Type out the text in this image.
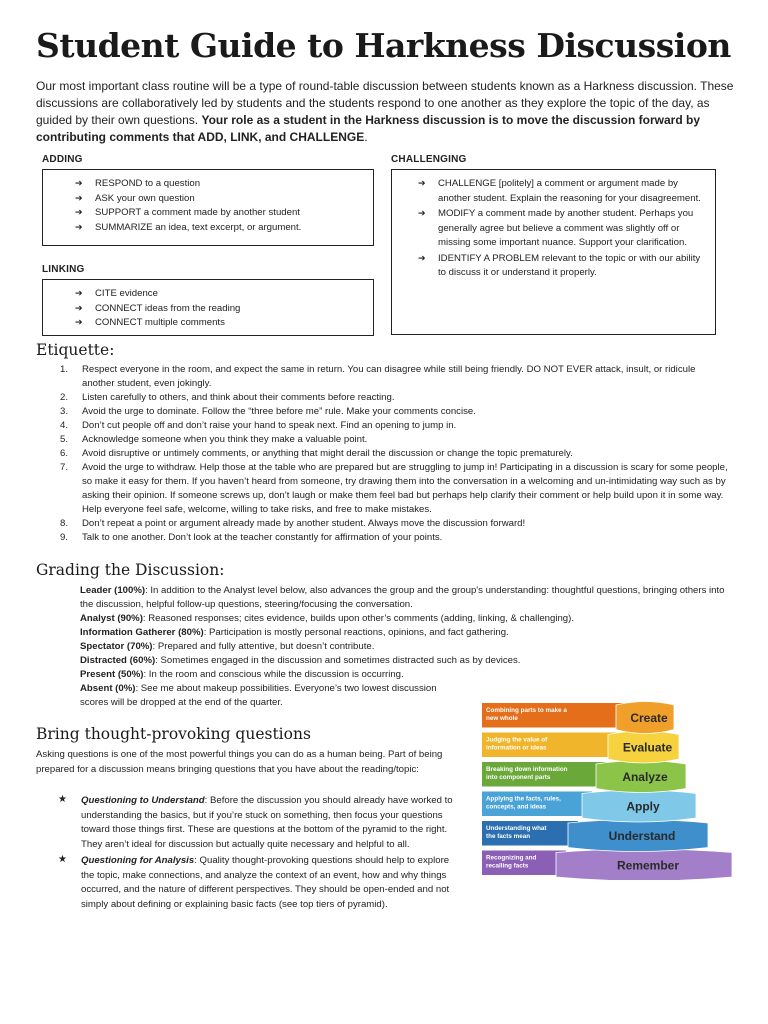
Student Guide to Harkness Discussion
Our most important class routine will be a type of round-table discussion between students known as a Harkness discussion. These discussions are collaboratively led by students and the students respond to one another as they explore the topic of the day, as guided by their own questions. Your role as a student in the Harkness discussion is to move the discussion forward by contributing comments that ADD, LINK, and CHALLENGE.
ADDING
➔ RESPOND to a question
➔ ASK your own question
➔ SUPPORT a comment made by another student
➔ SUMMARIZE an idea, text excerpt, or argument.
LINKING
➔ CITE evidence
➔ CONNECT ideas from the reading
➔ CONNECT multiple comments
CHALLENGING
➔ CHALLENGE [politely] a comment or argument made by another student. Explain the reasoning for your disagreement.
➔ MODIFY a comment made by another student. Perhaps you generally agree but believe a comment was slightly off or missing some important nuance. Support your clarification.
➔ IDENTIFY A PROBLEM relevant to the topic or with our ability to discuss it or understand it properly.
Etiquette:
1. Respect everyone in the room, and expect the same in return. You can disagree while still being friendly. DO NOT EVER attack, insult, or ridicule another student, even jokingly.
2. Listen carefully to others, and think about their comments before reacting.
3. Avoid the urge to dominate. Follow the “three before me” rule. Make your comments concise.
4. Don’t cut people off and don’t raise your hand to speak next. Find an opening to jump in.
5. Acknowledge someone when you think they make a valuable point.
6. Avoid disruptive or untimely comments, or anything that might derail the discussion or change the topic prematurely.
7. Avoid the urge to withdraw. Help those at the table who are prepared but are struggling to jump in! Participating in a discussion is scary for some people, so make it easy for them. If you haven’t heard from someone, try drawing them into the conversation in a welcoming and un-intimidating way such as by asking their opinion. If someone screws up, don’t laugh or make them feel bad but perhaps help clarify their comment or help build upon it in some way. Help everyone feel safe, welcome, willing to take risks, and free to make mistakes.
8. Don’t repeat a point or argument already made by another student. Always move the discussion forward!
9. Talk to one another. Don’t look at the teacher constantly for affirmation of your points.
Grading the Discussion:

Leader (100%): In addition to the Analyst level below, also advances the group and the group's understanding: thoughtful questions, bringing others into the discussion, helpful follow-up questions, steering/focusing the conversation.

Analyst (90%): Reasoned responses; cites evidence, builds upon other’s comments (adding, linking, & challenging).

Information Gatherer (80%): Participation is mostly personal reactions, opinions, and fact gathering.

Spectator (70%): Prepared and fully attentive, but doesn’t contribute.

Distracted (60%): Sometimes engaged in the discussion and sometimes distracted such as by devices.

Present (50%): In the room and conscious while the discussion is occurring.

Absent (0%): See me about makeup possibilities. Everyone’s two lowest discussion scores will be dropped at the end of the quarter.

Bring thought-provoking questions
Asking questions is one of the most powerful things you can do as a human being. Part of being prepared for a discussion means bringing questions that you have about the reading/topic:
★ Questioning to Understand: Before the discussion you should already have worked to understanding the basics, but if you’re stuck on something, then focus your questions toward those things first. These are questions at the bottom of the pyramid to the right. They aren’t ideal for discussion but actually quite necessary and helpful to all.
★ Questioning for Analysis: Quality thought-provoking questions should help to explore the topic, make connections, and analyze the context of an event, how and why things occurred, and the nature of different perspectives. They should be open-ended and not simply about defining or explaining basic facts (see top tiers of pyramid).
Recognizing and
recalling facts	Remember
Understanding what
the facts mean	Understand
Applying the facts, rules,
concepts, and ideas	Apply
Breaking down information
into component parts	Analyze
Judging the value of
information or ideas	Evaluate
Combining parts to make a
new whole	Create
